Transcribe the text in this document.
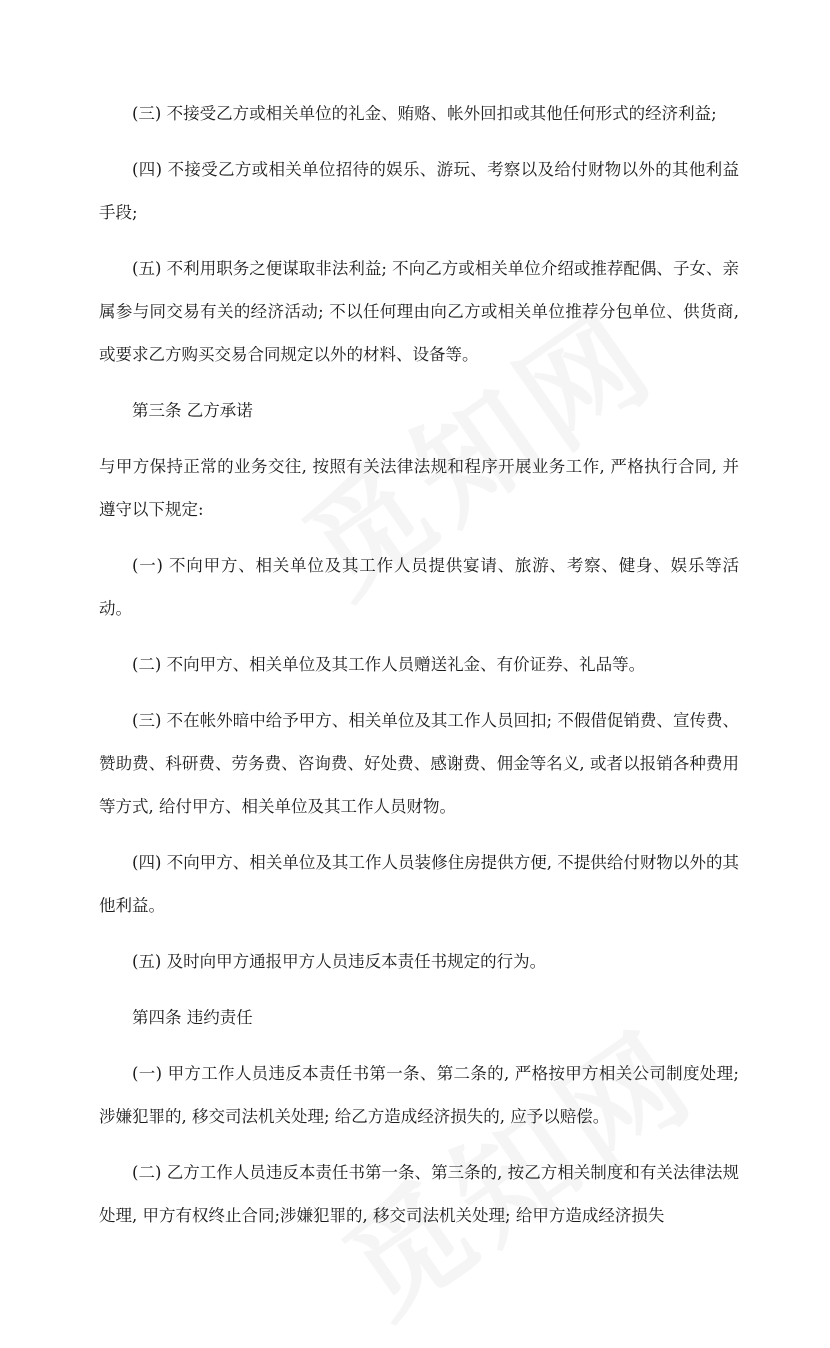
(三) 不接受乙方或相关单位的礼金、贿赂、帐外回扣或其他任何形式的经济利益;

(四) 不接受乙方或相关单位招待的娱乐、游玩、考察以及给付财物以外的其他利益手段;

(五) 不利用职务之便谋取非法利益; 不向乙方或相关单位介绍或推荐配偶、子女、亲属参与同交易有关的经济活动; 不以任何理由向乙方或相关单位推荐分包单位、供货商, 或要求乙方购买交易合同规定以外的材料、设备等。

第三条 乙方承诺

与甲方保持正常的业务交往, 按照有关法律法规和程序开展业务工作, 严格执行合同, 并遵守以下规定:

(一) 不向甲方、相关单位及其工作人员提供宴请、旅游、考察、健身、娱乐等活动。

(二) 不向甲方、相关单位及其工作人员赠送礼金、有价证券、礼品等。

(三) 不在帐外暗中给予甲方、相关单位及其工作人员回扣; 不假借促销费、宣传费、赞助费、科研费、劳务费、咨询费、好处费、感谢费、佣金等名义, 或者以报销各种费用等方式, 给付甲方、相关单位及其工作人员财物。

(四) 不向甲方、相关单位及其工作人员装修住房提供方便, 不提供给付财物以外的其他利益。

(五) 及时向甲方通报甲方人员违反本责任书规定的行为。

第四条 违约责任

(一) 甲方工作人员违反本责任书第一条、第二条的, 严格按甲方相关公司制度处理;涉嫌犯罪的, 移交司法机关处理; 给乙方造成经济损失的, 应予以赔偿。

(二) 乙方工作人员违反本责任书第一条、第三条的, 按乙方相关制度和有关法律法规处理, 甲方有权终止合同;涉嫌犯罪的, 移交司法机关处理; 给甲方造成经济损失
